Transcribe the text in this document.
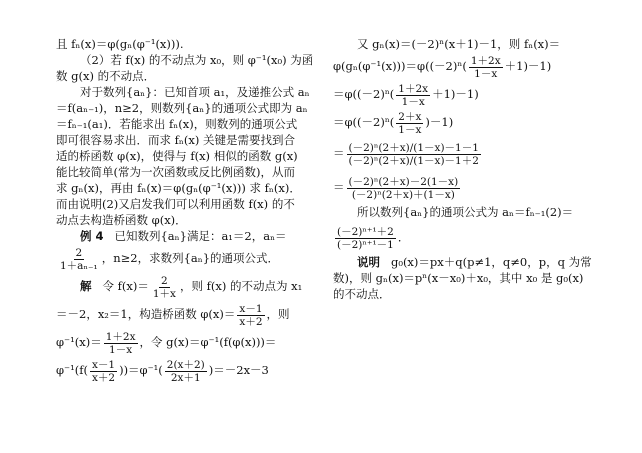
且 fₙ(x)＝φ(gₙ(φ⁻¹(x))).
（2）若 f(x) 的不动点为 x₀，则 φ⁻¹(x₀) 为函
数 g(x) 的不动点．
对于数列{aₙ}：已知首项 a₁，及递推公式 aₙ
＝f(aₙ₋₁)，n≥2，则数列{aₙ}的通项公式即为 aₙ
＝fₙ₋₁(a₁)．若能求出 fₙ(x)，则数列的通项公式
即可很容易求出．而求 fₙ(x) 关键是需要找到合
适的桥函数 φ(x)，使得与 f(x) 相似的函数 g(x)
能比较简单(常为一次函数或反比例函数)，从而
求 gₙ(x)，再由 fₙ(x)＝φ(gₙ(φ⁻¹(x))) 求 fₙ(x)．
而由说明(2)又启发我们可以利用函数 f(x) 的不
动点去构造桥函数 φ(x)．
例 4 已知数列{aₙ}满足：a₁＝2，aₙ＝
$\frac{2}{\text{1＋aₙ₋₁}}$ ，n≥2，求数列{aₙ}的通项公式．
解 令 $f(x)= \frac{2}{1+x}$ ，则 f(x) 的不动点为 x₁
＝－2，x₂＝1，构造桥函数 $\varphi(x)= \frac{x-1}{x+2}$ ，则
$\varphi^{-1}(x)= \frac{1+2x}{1-x}$ ，令 g(x)＝φ⁻¹(f(φ(x)))＝
$\varphi^{-1}(f( \frac{x-1}{x+2} ))=\varphi^{-1}( \frac{2(x+2)}{2x+1} )=-2x-3$
又 gₙ(x)＝(－2)ⁿ(x＋1)－1，则 fₙ(x)＝
$\varphi(g_n(\varphi^{-1}(x)))=\varphi((-2)^n( \frac{1+2x}{1-x} +1)-1)$
$=\varphi((-2)^n( \frac{1+2x}{1-x} +1)-1)$
$=\varphi((-2)^n( \frac{2+x}{1-x} )-1)$
＝ $\frac{\text{(－2)ⁿ(2＋x)/(1－x)－1－1}}{\text{(－2)ⁿ(2＋x)/(1－x)－1＋2}}$
＝ $\frac{\text{(－2)ⁿ(2＋x)－2(1－x)}}{\text{(－2)ⁿ(2＋x)＋(1－x)}}$
所以数列{aₙ}的通项公式为 aₙ＝fₙ₋₁(2)＝
$\frac{\text{(－2)ⁿ⁺¹＋2}}{\text{(－2)ⁿ⁺¹－1}}$ ．
说明 g₀(x)＝px＋q(p≠1，q≠0，p，q 为常
数)，则 gₙ(x)＝pⁿ(x－x₀)＋x₀，其中 x₀ 是 g₀(x)
的不动点．
